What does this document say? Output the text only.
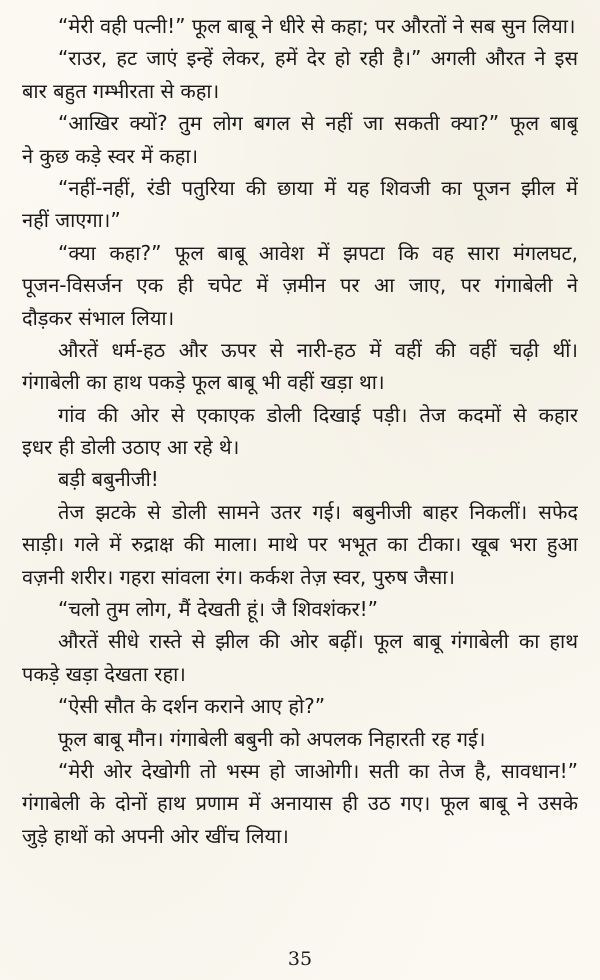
“मेरी वही पत्नी!” फूल बाबू ने धीरे से कहा; पर औरतों ने सब सुन लिया।
“राउर, हट जाएं इन्हें लेकर, हमें देर हो रही है।” अगली औरत ने इस
बार बहुत गम्भीरता से कहा।
“आखिर क्यों? तुम लोग बगल से नहीं जा सकती क्या?” फूल बाबू
ने कुछ कड़े स्वर में कहा।
“नहीं-नहीं, रंडी पतुरिया की छाया में यह शिवजी का पूजन झील में
नहीं जाएगा।”
“क्या कहा?” फूल बाबू आवेश में झपटा कि वह सारा मंगलघट,
पूजन-विसर्जन एक ही चपेट में ज़मीन पर आ जाए, पर गंगाबेली ने
दौड़कर संभाल लिया।
औरतें धर्म-हठ और ऊपर से नारी-हठ में वहीं की वहीं चढ़ी थीं।
गंगाबेली का हाथ पकड़े फूल बाबू भी वहीं खड़ा था।
गांव की ओर से एकाएक डोली दिखाई पड़ी। तेज कदमों से कहार
इधर ही डोली उठाए आ रहे थे।
बड़ी बबुनीजी!
तेज झटके से डोली सामने उतर गई। बबुनीजी बाहर निकलीं। सफेद
साड़ी। गले में रुद्राक्ष की माला। माथे पर भभूत का टीका। खूब भरा हुआ
वज़नी शरीर। गहरा सांवला रंग। कर्कश तेज़ स्वर, पुरुष जैसा।
“चलो तुम लोग, मैं देखती हूं। जै शिवशंकर!”
औरतें सीधे रास्ते से झील की ओर बढ़ीं। फूल बाबू गंगाबेली का हाथ
पकड़े खड़ा देखता रहा।
“ऐसी सौत के दर्शन कराने आए हो?”
फूल बाबू मौन। गंगाबेली बबुनी को अपलक निहारती रह गई।
“मेरी ओर देखोगी तो भस्म हो जाओगी। सती का तेज है, सावधान!”
गंगाबेली के दोनों हाथ प्रणाम में अनायास ही उठ गए। फूल बाबू ने उसके
जुड़े हाथों को अपनी ओर खींच लिया।
35
